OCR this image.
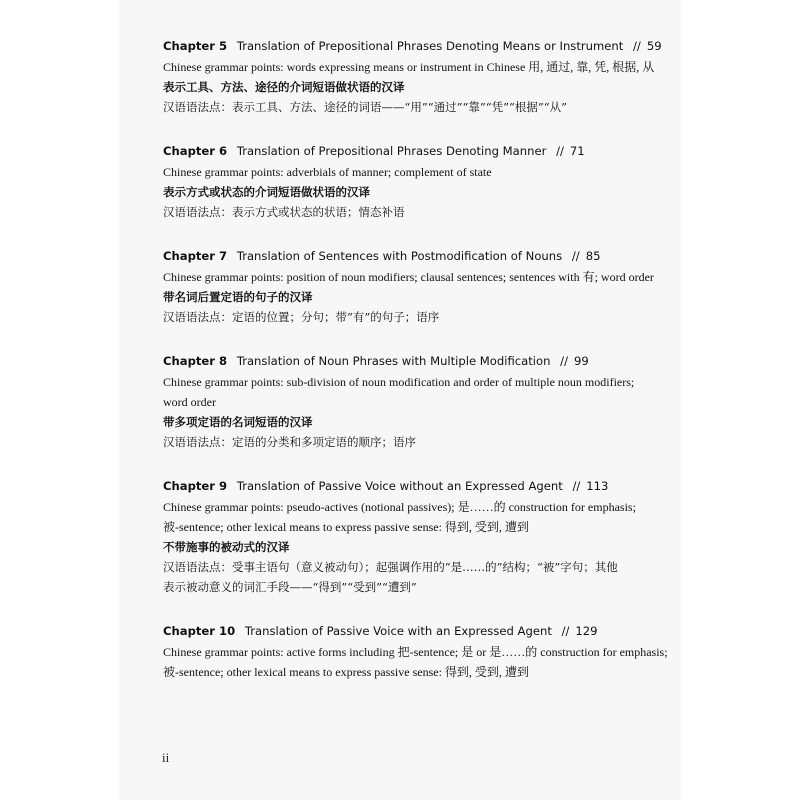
Chapter 5 Translation of Prepositional Phrases Denoting Means or Instrument // 59
Chinese grammar points: words expressing means or instrument in Chinese 用, 通过, 靠, 凭, 根据, 从
表示工具、方法、途径的介词短语做状语的汉译
汉语语法点：表示工具、方法、途径的词语——“用”“通过”“靠”“凭”“根据”“从”
Chapter 6 Translation of Prepositional Phrases Denoting Manner // 71
Chinese grammar points: adverbials of manner; complement of state
表示方式或状态的介词短语做状语的汉译
汉语语法点：表示方式或状态的状语；情态补语
Chapter 7 Translation of Sentences with Postmodification of Nouns // 85
Chinese grammar points: position of noun modifiers; clausal sentences; sentences with 有; word order
带名词后置定语的句子的汉译
汉语语法点：定语的位置；分句；带“有”的句子；语序
Chapter 8 Translation of Noun Phrases with Multiple Modification // 99
Chinese grammar points: sub-division of noun modification and order of multiple noun modifiers;
word order
带多项定语的名词短语的汉译
汉语语法点：定语的分类和多项定语的顺序；语序
Chapter 9 Translation of Passive Voice without an Expressed Agent // 113
Chinese grammar points: pseudo-actives (notional passives); 是……的 construction for emphasis;
被-sentence; other lexical means to express passive sense: 得到, 受到, 遭到
不带施事的被动式的汉译
汉语语法点：受事主语句（意义被动句）；起强调作用的“是……的”结构；“被”字句；其他
表示被动意义的词汇手段——“得到”“受到”“遭到”
Chapter 10 Translation of Passive Voice with an Expressed Agent // 129
Chinese grammar points: active forms including 把-sentence; 是 or 是……的 construction for emphasis;
被-sentence; other lexical means to express passive sense: 得到, 受到, 遭到
ii
